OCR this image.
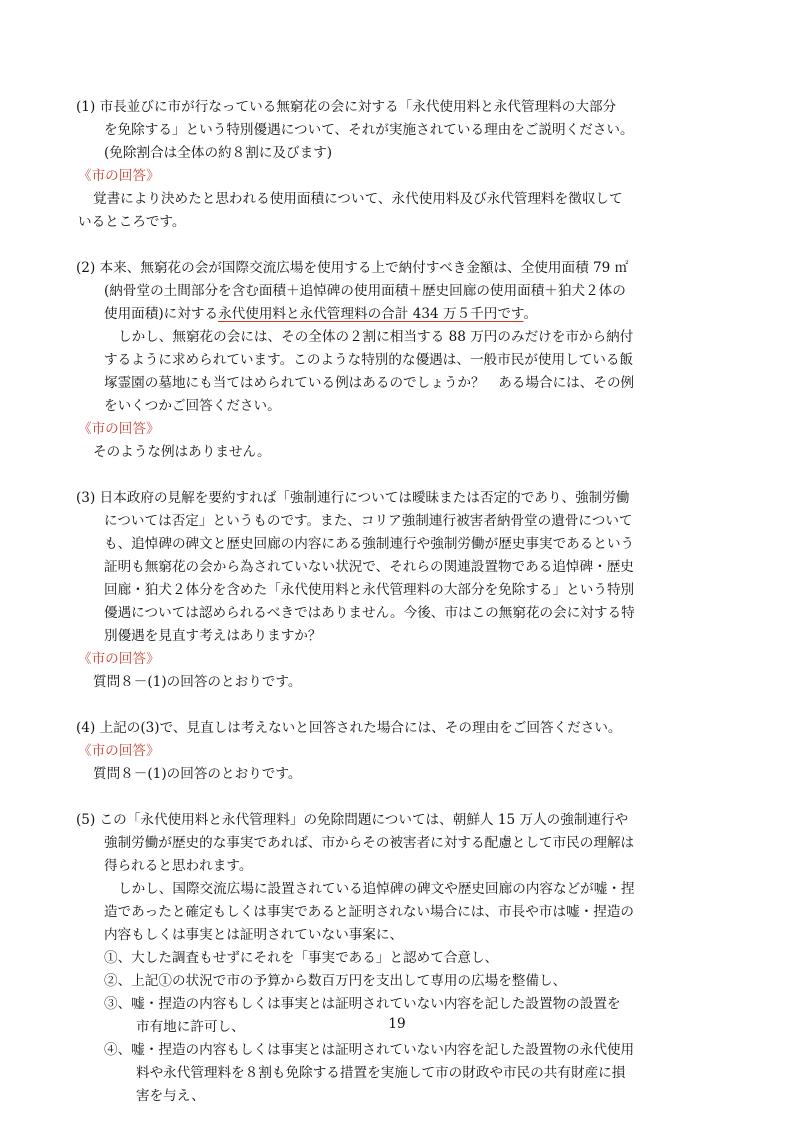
(1) 市長並びに市が行なっている無窮花の会に対する「永代使用料と永代管理料の大部分
を免除する」という特別優遇について、それが実施されている理由をご説明ください。
(免除割合は全体の約８割に及びます)
《市の回答》
覚書により決めたと思われる使用面積について、永代使用料及び永代管理料を徴収して
いるところです。
(2) 本来、無窮花の会が国際交流広場を使用する上で納付すべき金額は、全使用面積 79 ㎡
(納骨堂の土間部分を含む面積＋追悼碑の使用面積＋歴史回廊の使用面積＋狛犬２体の
使用面積)に対する永代使用料と永代管理料の合計 434 万５千円です。
しかし、無窮花の会には、その全体の２割に相当する 88 万円のみだけを市から納付
するように求められています。このような特別的な優遇は、一般市民が使用している飯
塚霊園の墓地にも当てはめられている例はあるのでしょうか？　ある場合には、その例
をいくつかご回答ください。
《市の回答》
そのような例はありません。
(3) 日本政府の見解を要約すれば「強制連行については曖昧または否定的であり、強制労働
については否定」というものです。また、コリア強制連行被害者納骨堂の遺骨について
も、追悼碑の碑文と歴史回廊の内容にある強制連行や強制労働が歴史事実であるという
証明も無窮花の会から為されていない状況で、それらの関連設置物である追悼碑・歴史
回廊・狛犬２体分を含めた「永代使用料と永代管理料の大部分を免除する」という特別
優遇については認められるべきではありません。今後、市はこの無窮花の会に対する特
別優遇を見直す考えはありますか？
《市の回答》
質問８－(1)の回答のとおりです。
(4) 上記の(3)で、見直しは考えないと回答された場合には、その理由をご回答ください。
《市の回答》
質問８－(1)の回答のとおりです。
(5) この「永代使用料と永代管理料」の免除問題については、朝鮮人 15 万人の強制連行や
強制労働が歴史的な事実であれば、市からその被害者に対する配慮として市民の理解は
得られると思われます。
しかし、国際交流広場に設置されている追悼碑の碑文や歴史回廊の内容などが嘘・捏
造であったと確定もしくは事実であると証明されない場合には、市長や市は嘘・捏造の
内容もしくは事実とは証明されていない事案に、
①、大した調査もせずにそれを「事実である」と認めて合意し、
②、上記①の状況で市の予算から数百万円を支出して専用の広場を整備し、
③、嘘・捏造の内容もしくは事実とは証明されていない内容を記した設置物の設置を
市有地に許可し、
④、嘘・捏造の内容もしくは事実とは証明されていない内容を記した設置物の永代使用
料や永代管理料を８割も免除する措置を実施して市の財政や市民の共有財産に損
害を与え、
19
